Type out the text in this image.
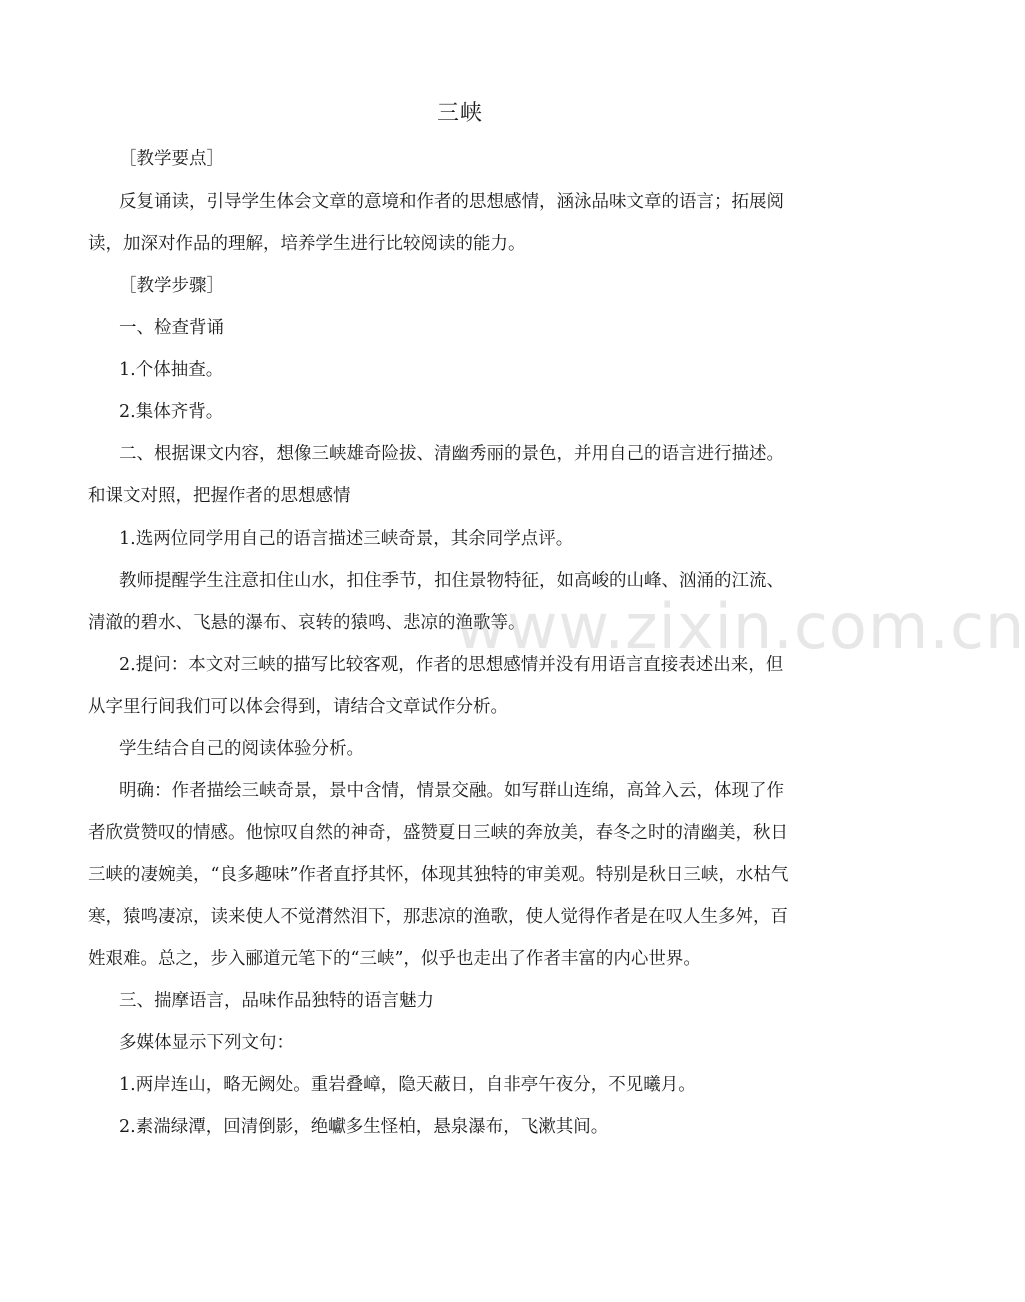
三峡
［教学要点］
反复诵读，引导学生体会文章的意境和作者的思想感情，涵泳品味文章的语言；拓展阅
读，加深对作品的理解，培养学生进行比较阅读的能力。
［教学步骤］
一、检查背诵
1.个体抽查。
2.集体齐背。
二、根据课文内容，想像三峡雄奇险拔、清幽秀丽的景色，并用自己的语言进行描述。
和课文对照，把握作者的思想感情
1.选两位同学用自己的语言描述三峡奇景，其余同学点评。
教师提醒学生注意扣住山水，扣住季节，扣住景物特征，如高峻的山峰、汹涌的江流、
清澈的碧水、飞悬的瀑布、哀转的猿鸣、悲凉的渔歌等。
2.提问：本文对三峡的描写比较客观，作者的思想感情并没有用语言直接表述出来，但
从字里行间我们可以体会得到，请结合文章试作分析。
学生结合自己的阅读体验分析。
明确：作者描绘三峡奇景，景中含情，情景交融。如写群山连绵，高耸入云，体现了作
者欣赏赞叹的情感。他惊叹自然的神奇，盛赞夏日三峡的奔放美，春冬之时的清幽美，秋日
三峡的凄婉美，“良多趣味”作者直抒其怀，体现其独特的审美观。特别是秋日三峡，水枯气
寒，猿鸣凄凉，读来使人不觉潸然泪下，那悲凉的渔歌，使人觉得作者是在叹人生多舛，百
姓艰难。总之，步入郦道元笔下的“三峡”，似乎也走出了作者丰富的内心世界。
三、揣摩语言，品味作品独特的语言魅力
多媒体显示下列文句：
1.两岸连山，略无阙处。重岩叠嶂，隐天蔽日，自非亭午夜分，不见曦月。
2.素湍绿潭，回清倒影，绝巘多生怪柏，悬泉瀑布，飞漱其间。
www.zixin.com.cn
